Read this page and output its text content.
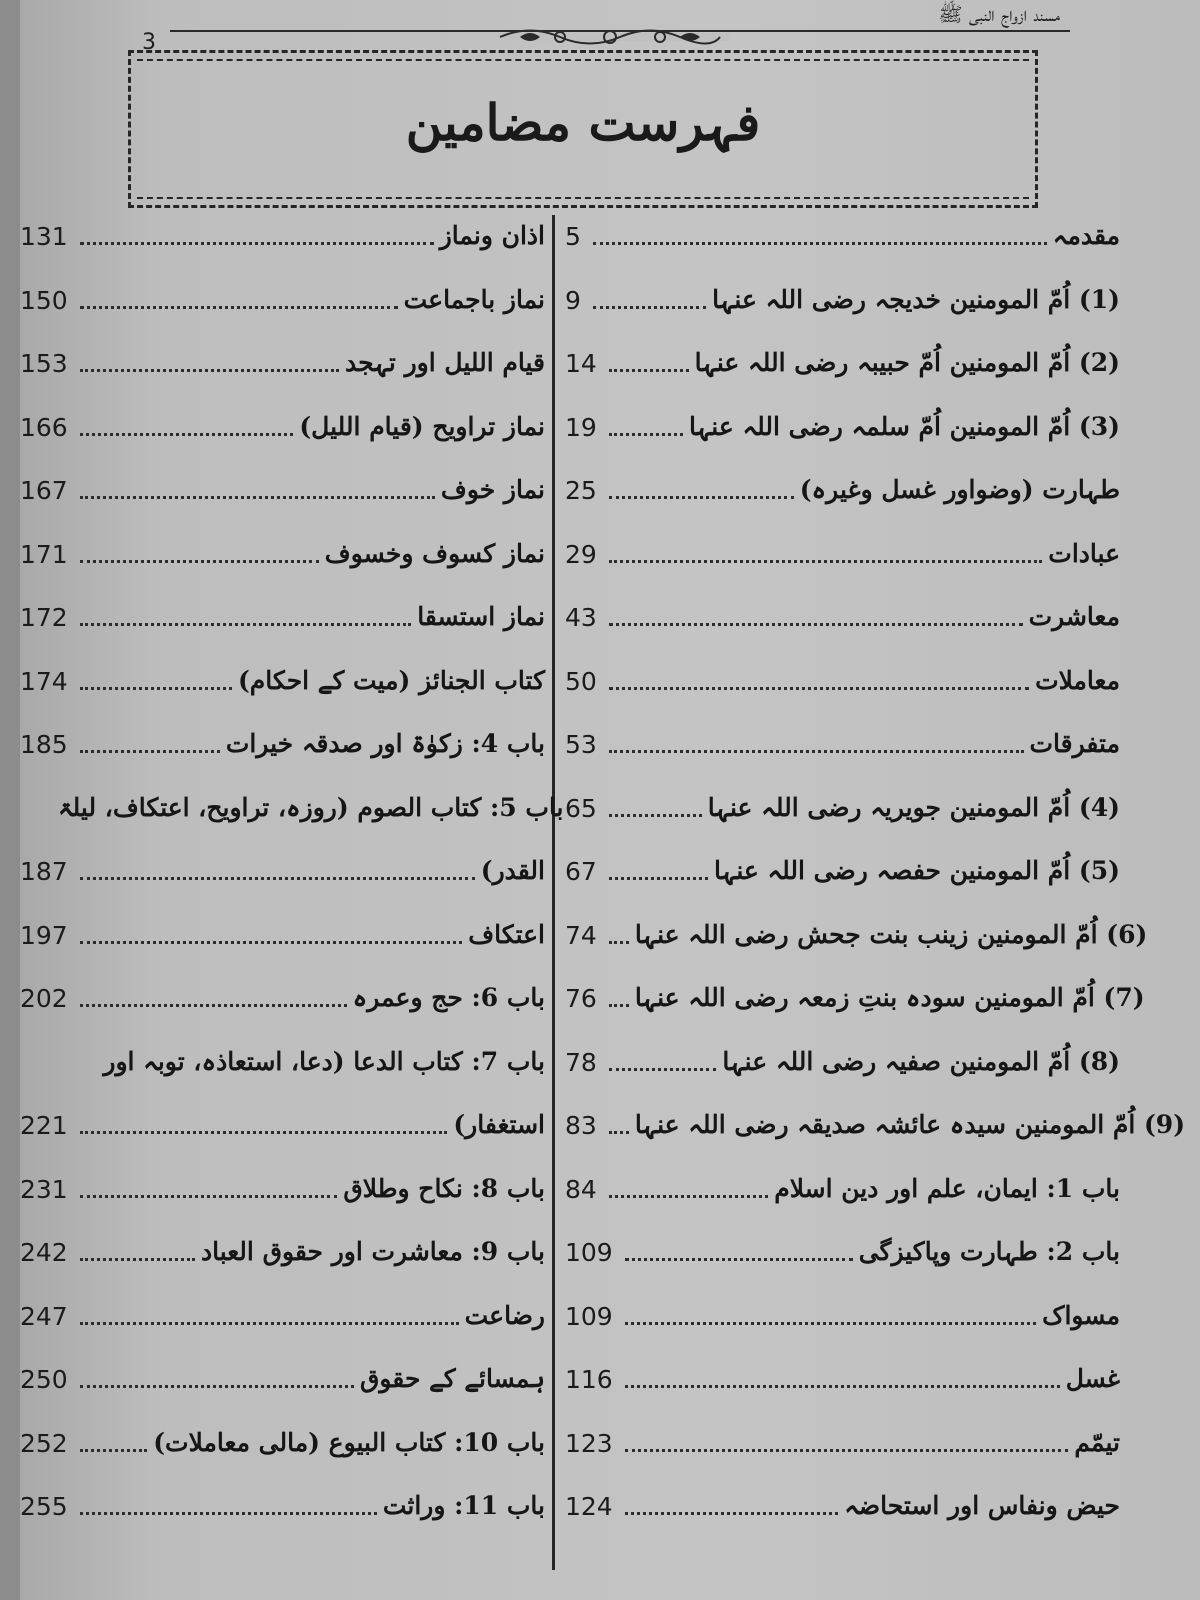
مسند ازواج النبی ﷺ
3
فہرست مضامین
131	اذان ونماز
150	نماز باجماعت
153	قیام اللیل اور تہجد
166	نماز تراویح (قیام اللیل)
167	نماز خوف
171	نماز کسوف وخسوف
172	نماز استسقا
174	کتاب الجنائز (میت کے احکام)
185	باب 4: زکوٰۃ اور صدقہ خیرات
باب 5: کتاب الصوم (روزہ، تراویح، اعتکاف، لیلۃ
187	القدر)
197	اعتکاف
202	باب 6: حج وعمرہ
باب 7: کتاب الدعا (دعا، استعاذہ، توبہ اور
221	استغفار)
231	باب 8: نکاح وطلاق
242	باب 9: معاشرت اور حقوق العباد
247	رضاعت
250	ہمسائے کے حقوق
252	باب 10: کتاب البیوع (مالی معاملات)
255	باب 11: وراثت
5	مقدمہ
9	(1) اُمّ المومنین خدیجہ رضی اللہ عنہا
14	(2) اُمّ المومنین اُمّ حبیبہ رضی اللہ عنہا
19	(3) اُمّ المومنین اُمّ سلمہ رضی اللہ عنہا
25	طہارت (وضواور غسل وغیرہ)
29	عبادات
43	معاشرت
50	معاملات
53	متفرقات
65	(4) اُمّ المومنین جویریہ رضی اللہ عنہا
67	(5) اُمّ المومنین حفصہ رضی اللہ عنہا
74 (6) اُمّ المومنین زینب بنت جحش رضی اللہ عنہا
76 (7) اُمّ المومنین سودہ بنتِ زمعہ رضی اللہ عنہا
78	(8) اُمّ المومنین صفیہ رضی اللہ عنہا
83 (9) اُمّ المومنین سیدہ عائشہ صدیقہ رضی اللہ عنہا
84	باب 1: ایمان، علم اور دین اسلام
109	باب 2: طہارت وپاکیزگی
109	مسواک
116	غسل
123	تیمّم
124	حیض ونفاس اور استحاضہ
